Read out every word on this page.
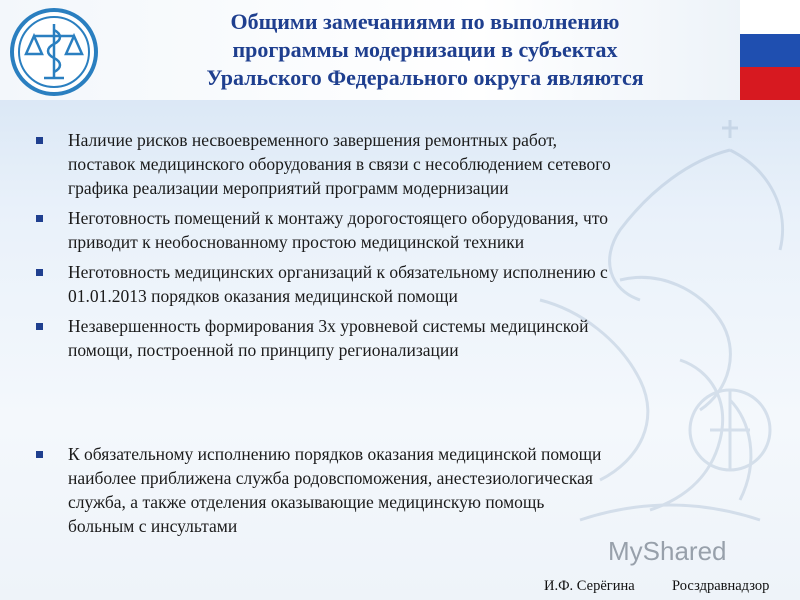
Общими замечаниями по выполнению
программы модернизации в субъектах
Уральского Федерального округа являются
Наличие рисков несвоевременного завершения ремонтных работ,
поставок медицинского оборудования в связи с несоблюдением сетевого
графика реализации мероприятий программ модернизации
Неготовность помещений к монтажу дорогостоящего оборудования, что
приводит к необоснованному простою медицинской техники
Неготовность медицинских организаций к обязательному исполнению с
01.01.2013 порядков оказания медицинской помощи
Незавершенность формирования 3х уровневой системы медицинской
помощи, построенной по принципу регионализации
К обязательному исполнению порядков оказания медицинской помощи
наиболее приближена служба родовспоможения, анестезиологическая
служба, а также отделения оказывающие медицинскую помощь
больным с инсультами
MyShared
И.Ф. Серёгина	Росздравнадзор
